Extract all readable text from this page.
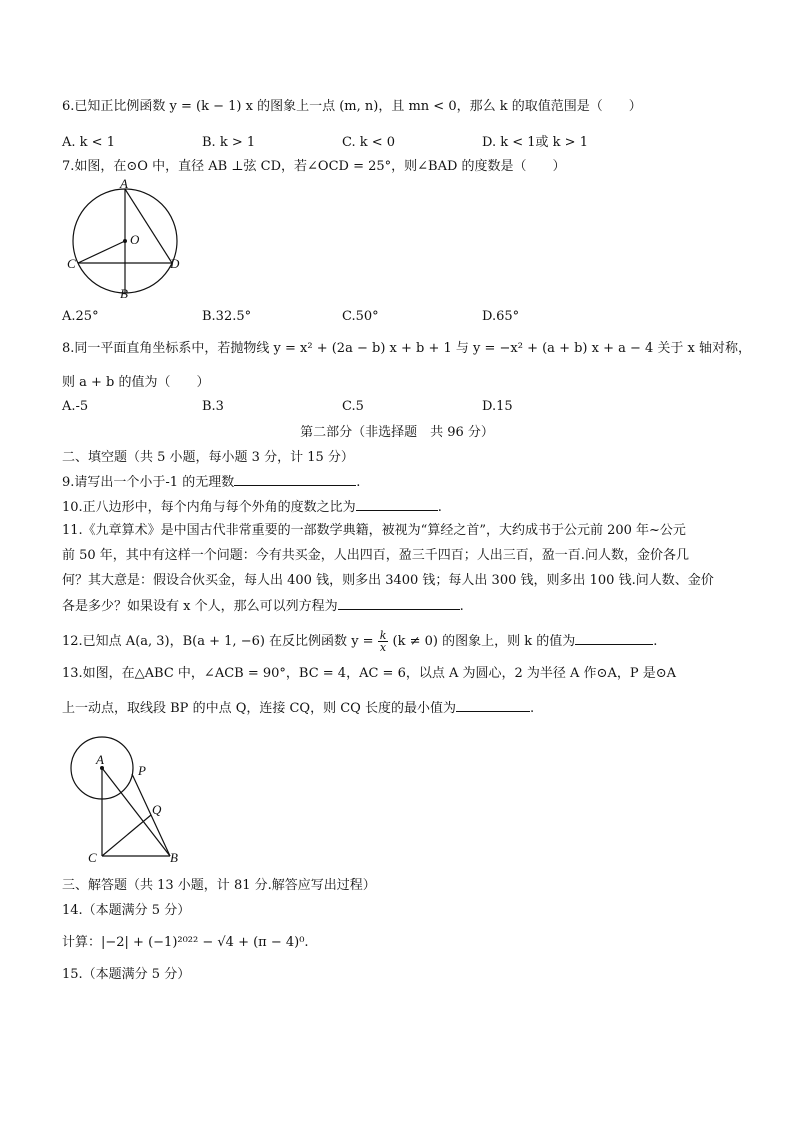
6.已知正比例函数 y = (k − 1) x 的图象上一点 (m, n)，且 mn < 0，那么 k 的取值范围是（　　）
A. k < 1	B. k > 1	C. k < 0	D. k < 1或 k > 1
7.如图，在⊙O 中，直径 AB ⊥弦 CD，若∠OCD = 25°，则∠BAD 的度数是（　　）
A
O
C	D
B
A.25°	B.32.5°	C.50°	D.65°
8.同一平面直角坐标系中，若抛物线 y = x² + (2a − b) x + b + 1 与 y = −x² + (a + b) x + a − 4 关于 x 轴对称，
则 a + b 的值为（　　）
A.-5	B.3	C.5	D.15
第二部分（非选择题　共 96 分）
二、填空题（共 5 小题，每小题 3 分，计 15 分）
9.请写出一个小于-1 的无理数	.
10.正八边形中，每个内角与每个外角的度数之比为	.
11.《九章算术》是中国古代非常重要的一部数学典籍，被视为“算经之首”，大约成书于公元前 200 年~公元
前 50 年，其中有这样一个问题：今有共买金，人出四百，盈三千四百；人出三百，盈一百.问人数，金价各几
何？其大意是：假设合伙买金，每人出 400 钱，则多出 3400 钱；每人出 300 钱，则多出 100 钱.问人数、金价
各是多少？如果设有 x 个人，那么可以列方程为	.
12.已知点 A(a, 3)，B(a + 1, −6) 在反比例函数 $y = \frac{k}{x} (k \ne 0)$ 的图象上，则 k 的值为	.
13.如图，在△ABC 中，∠ACB = 90°，BC = 4，AC = 6，以点 A 为圆心，2 为半径 A 作⊙A，P 是⊙A
上一动点，取线段 BP 的中点 Q，连接 CQ，则 CQ 长度的最小值为	.
A
P
Q
C	B
三、解答题（共 13 小题，计 81 分.解答应写出过程）
14.（本题满分 5 分）
计算：|−2| + (−1)²⁰²² − √4 + (π − 4)⁰.
15.（本题满分 5 分）
